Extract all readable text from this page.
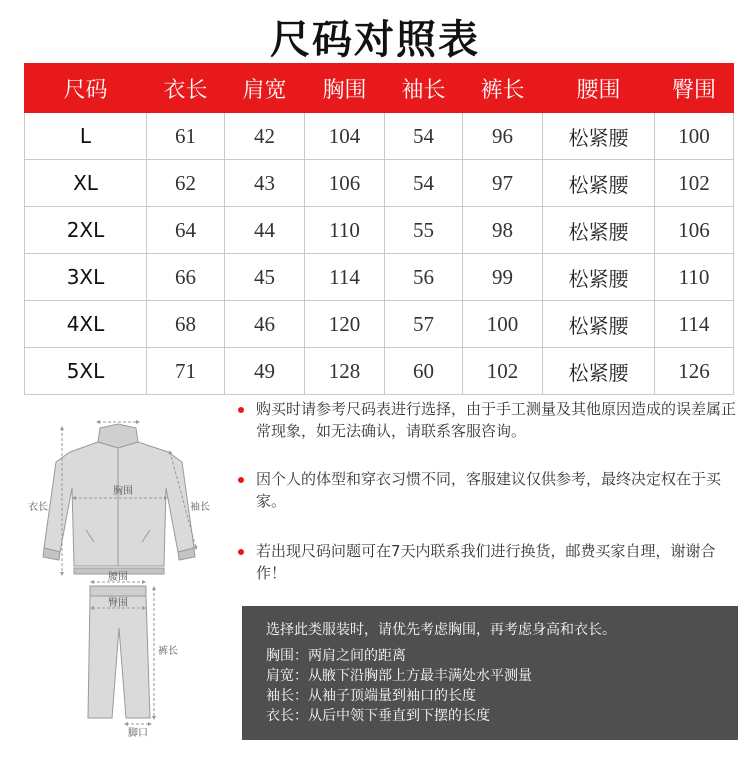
尺码对照表
尺码	衣长	肩宽	胸围	袖长	裤长	腰围	臀围
L	61	42	104	54	96	松紧腰	100
XL	62	43	106	54	97	松紧腰	102
2XL	64	44	110	55	98	松紧腰	106
3XL	66	45	114	56	99	松紧腰	110
4XL	68	46	120	57	100	松紧腰	114
5XL	71	49	128	60	102	松紧腰	126
胸围
衣长	袖长
腰围
臀围
裤长
脚口

购买时请参考尺码表进行选择，由于手工测量及其他原因造成的误差属正常现象，如无法确认，请联系客服咨询。

因个人的体型和穿衣习惯不同，客服建议仅供参考，最终决定权在于买家。

若出现尺码问题可在7天内联系我们进行换货，邮费买家自理，谢谢合作！

选择此类服装时，请优先考虑胸围，再考虑身高和衣长。
胸围：两肩之间的距离
肩宽：从腋下沿胸部上方最丰满处水平测量
袖长：从袖子顶端量到袖口的长度
衣长：从后中领下垂直到下摆的长度
